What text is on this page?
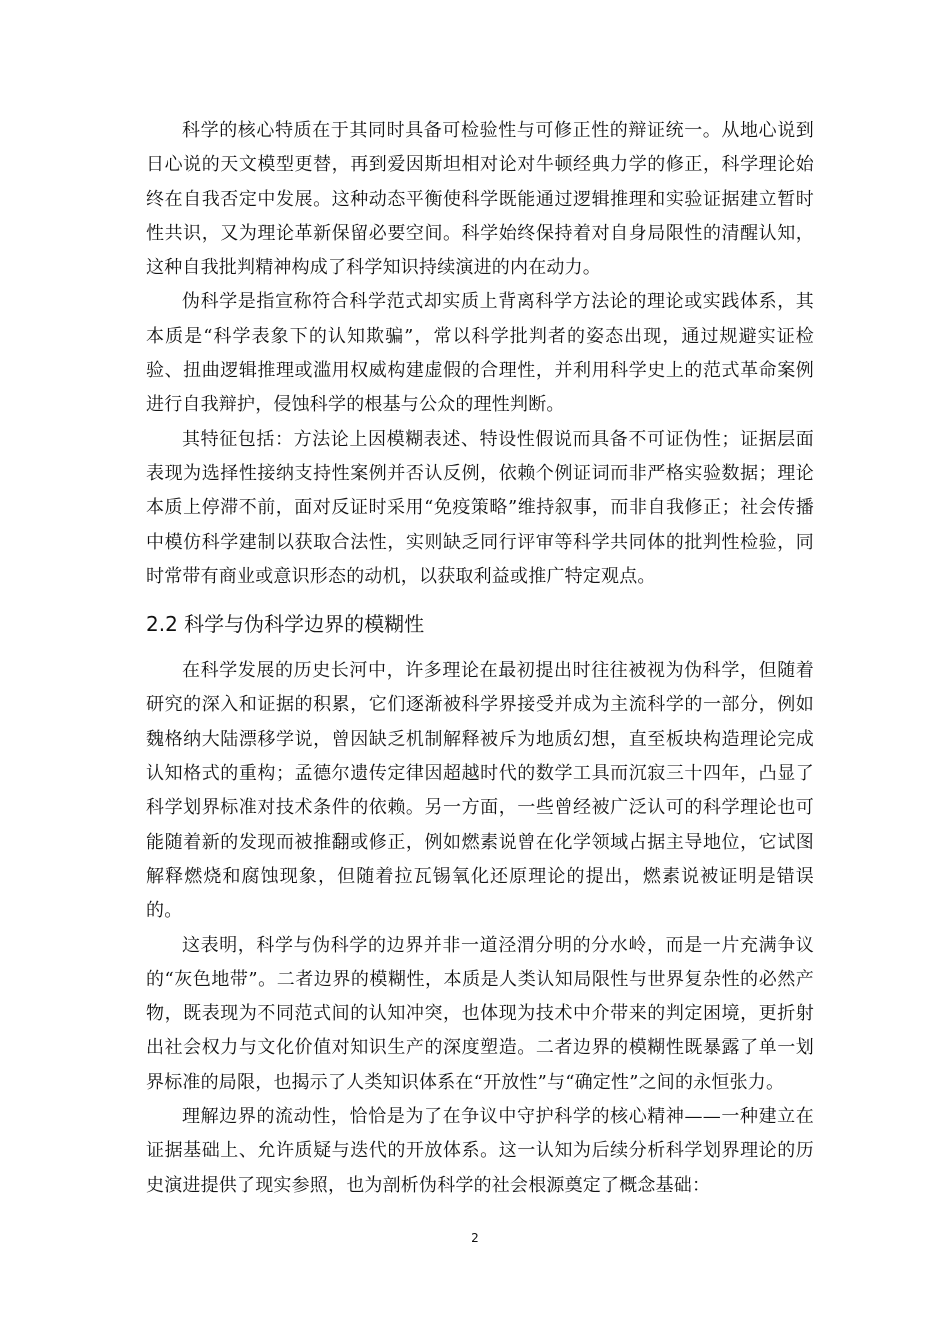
科学的核心特质在于其同时具备可检验性与可修正性的辩证统一。从地心说到日心说的天文模型更替，再到爱因斯坦相对论对牛顿经典力学的修正，科学理论始终在自我否定中发展。这种动态平衡使科学既能通过逻辑推理和实验证据建立暂时性共识，又为理论革新保留必要空间。科学始终保持着对自身局限性的清醒认知，这种自我批判精神构成了科学知识持续演进的内在动力。

伪科学是指宣称符合科学范式却实质上背离科学方法论的理论或实践体系，其本质是“科学表象下的认知欺骗”，常以科学批判者的姿态出现，通过规避实证检验、扭曲逻辑推理或滥用权威构建虚假的合理性，并利用科学史上的范式革命案例进行自我辩护，侵蚀科学的根基与公众的理性判断。

其特征包括：方法论上因模糊表述、特设性假说而具备不可证伪性；证据层面表现为选择性接纳支持性案例并否认反例，依赖个例证词而非严格实验数据；理论本质上停滞不前，面对反证时采用“免疫策略”维持叙事，而非自我修正；社会传播中模仿科学建制以获取合法性，实则缺乏同行评审等科学共同体的批判性检验，同时常带有商业或意识形态的动机，以获取利益或推广特定观点。

2.2 科学与伪科学边界的模糊性

在科学发展的历史长河中，许多理论在最初提出时往往被视为伪科学，但随着研究的深入和证据的积累，它们逐渐被科学界接受并成为主流科学的一部分，例如魏格纳大陆漂移学说，曾因缺乏机制解释被斥为地质幻想，直至板块构造理论完成认知格式的重构；孟德尔遗传定律因超越时代的数学工具而沉寂三十四年，凸显了科学划界标准对技术条件的依赖。另一方面，一些曾经被广泛认可的科学理论也可能随着新的发现而被推翻或修正，例如燃素说曾在化学领域占据主导地位，它试图解释燃烧和腐蚀现象，但随着拉瓦锡氧化还原理论的提出，燃素说被证明是错误的。

这表明，科学与伪科学的边界并非一道泾渭分明的分水岭，而是一片充满争议的“灰色地带”。二者边界的模糊性，本质是人类认知局限性与世界复杂性的必然产物，既表现为不同范式间的认知冲突，也体现为技术中介带来的判定困境，更折射出社会权力与文化价值对知识生产的深度塑造。二者边界的模糊性既暴露了单一划界标准的局限，也揭示了人类知识体系在“开放性”与“确定性”之间的永恒张力。

理解边界的流动性，恰恰是为了在争议中守护科学的核心精神——一种建立在证据基础上、允许质疑与迭代的开放体系。这一认知为后续分析科学划界理论的历史演进提供了现实参照，也为剖析伪科学的社会根源奠定了概念基础：

2
